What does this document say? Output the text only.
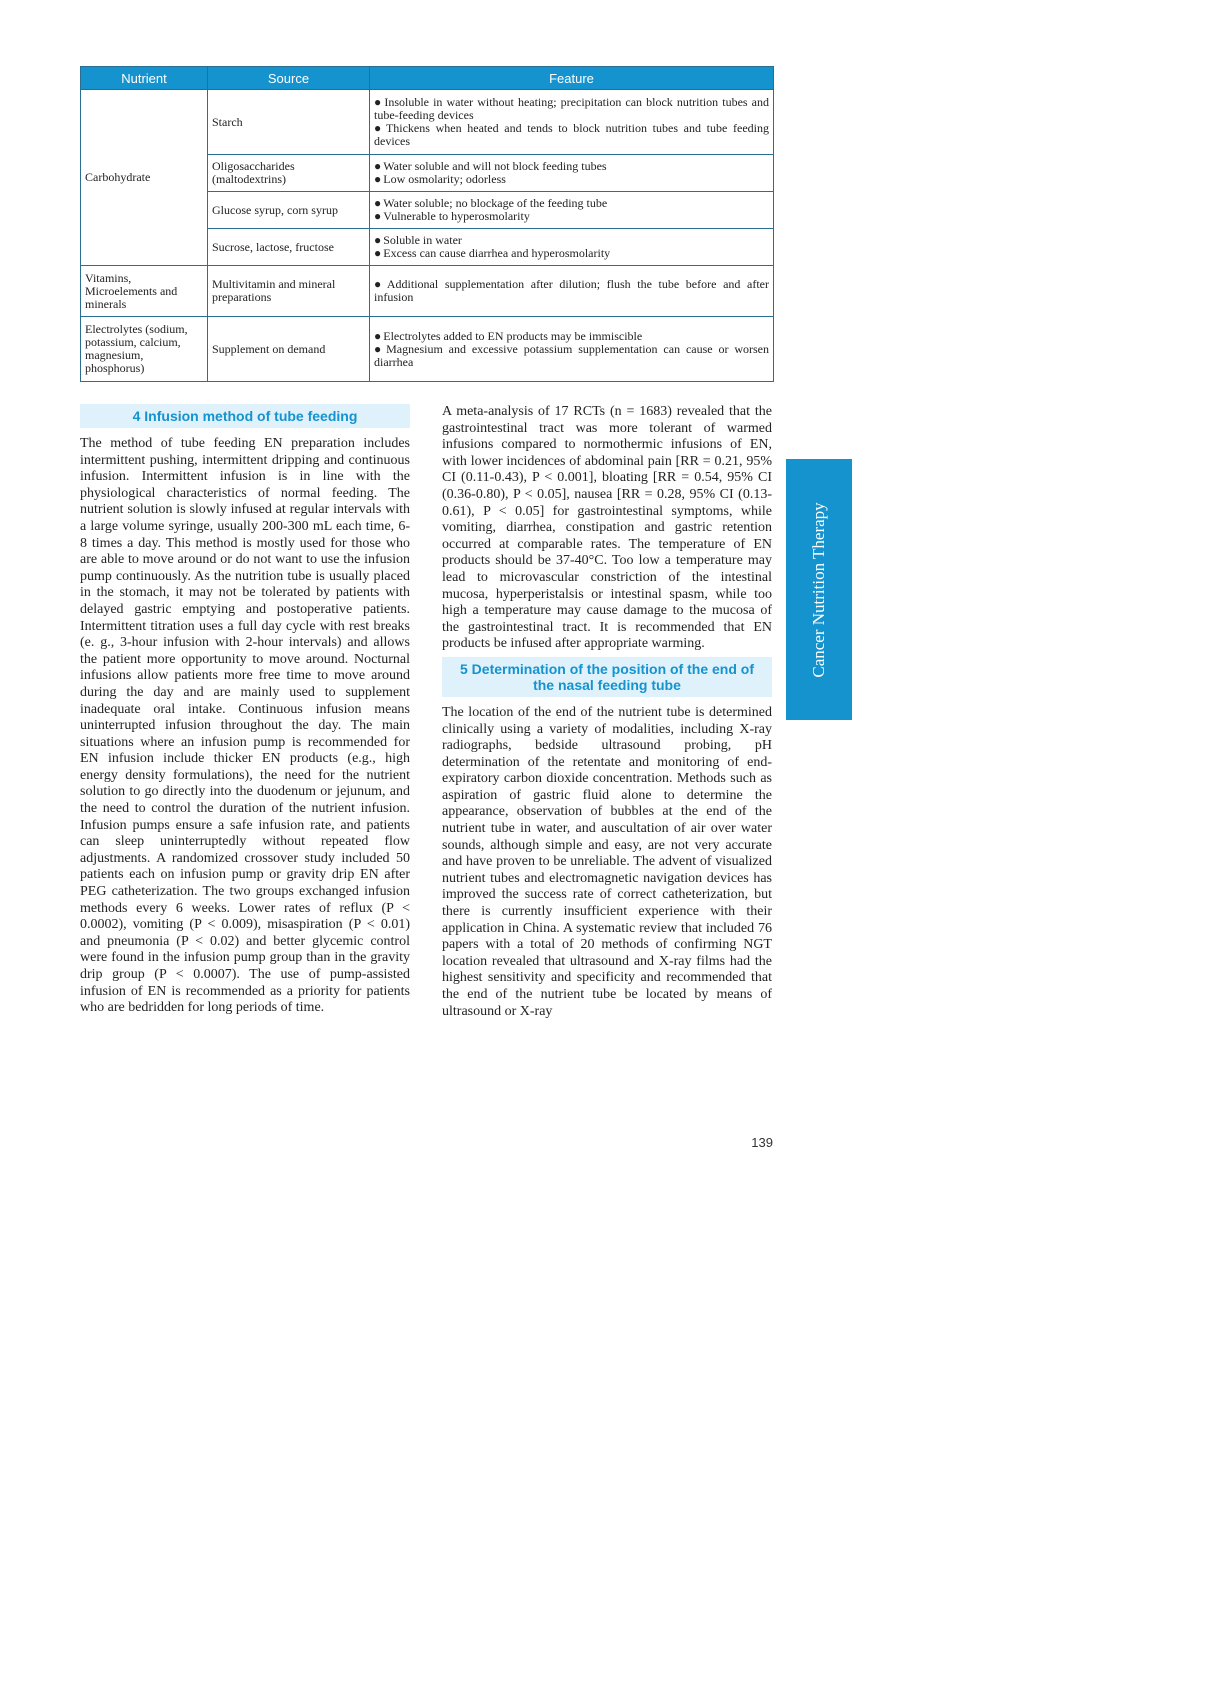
Nutrient	Source	Feature
Carbohydrate	Starch	● Insoluble in water without heating; precipitation can block nutrition tubes and tube-feeding devices
● Thickens when heated and tends to block nutrition tubes and tube feeding devices

	Oligosaccharides (maltodextrins)	● Water soluble and will not block feeding tubes
● Low osmolarity; odorless

	Glucose syrup, corn syrup	● Water soluble; no blockage of the feeding tube
● Vulnerable to hyperosmolarity

	Sucrose, lactose, fructose	● Soluble in water
● Excess can cause diarrhea and hyperosmolarity

Vitamins, Microelements and minerals	Multivitamin and mineral preparations	● Additional supplementation after dilution; flush the tube before and after infusion

Electrolytes (sodium, potassium, calcium, magnesium, phosphorus)	Supplement on demand	● Electrolytes added to EN products may be immiscible
● Magnesium and excessive potassium supplementation can cause or worsen diarrhea
4 Infusion method of tube feeding

The method of tube feeding EN preparation includes intermittent pushing, intermittent dripping and continuous infusion. Intermittent infusion is in line with the physiological characteristics of normal feeding. The nutrient solution is slowly infused at regular intervals with a large volume syringe, usually 200-300 mL each time, 6-8 times a day. This method is mostly used for those who are able to move around or do not want to use the infusion pump continuously. As the nutrition tube is usually placed in the stomach, it may not be tolerated by patients with delayed gastric emptying and postoperative patients. Intermittent titration uses a full day cycle with rest breaks (e. g., 3-hour infusion with 2-hour intervals) and allows the patient more opportunity to move around. Nocturnal infusions allow patients more free time to move around during the day and are mainly used to supplement inadequate oral intake. Continuous infusion means uninterrupted infusion throughout the day. The main situations where an infusion pump is recommended for EN infusion include thicker EN products (e.g., high energy density formulations), the need for the nutrient solution to go directly into the duodenum or jejunum, and the need to control the duration of the nutrient infusion. Infusion pumps ensure a safe infusion rate, and patients can sleep uninterruptedly without repeated flow adjustments. A randomized crossover study included 50 patients each on infusion pump or gravity drip EN after PEG catheterization. The two groups exchanged infusion methods every 6 weeks. Lower rates of reflux (P < 0.0002), vomiting (P < 0.009), misaspiration (P < 0.01) and pneumonia (P < 0.02) and better glycemic control were found in the infusion pump group than in the gravity drip group (P < 0.0007). The use of pump-assisted infusion of EN is recommended as a priority for patients who are bedridden for long periods of time.

A meta-analysis of 17 RCTs (n = 1683) revealed that the gastrointestinal tract was more tolerant of warmed infusions compared to normothermic infusions of EN, with lower incidences of abdominal pain [RR = 0.21, 95% CI (0.11-0.43), P < 0.001], bloating [RR = 0.54, 95% CI (0.36-0.80), P < 0.05], nausea [RR = 0.28, 95% CI (0.13-0.61), P < 0.05] for gastrointestinal symptoms, while vomiting, diarrhea, constipation and gastric retention occurred at comparable rates. The temperature of EN products should be 37-40°C. Too low a temperature may lead to microvascular constriction of the intestinal mucosa, hyperperistalsis or intestinal spasm, while too high a temperature may cause damage to the mucosa of the gastrointestinal tract. It is recommended that EN products be infused after appropriate warming.

5 Determination of the position of the end of the nasal feeding tube

The location of the end of the nutrient tube is determined clinically using a variety of modalities, including X-ray radiographs, bedside ultrasound probing, pH determination of the retentate and monitoring of end-expiratory carbon dioxide concentration. Methods such as aspiration of gastric fluid alone to determine the appearance, observation of bubbles at the end of the nutrient tube in water, and auscultation of air over water sounds, although simple and easy, are not very accurate and have proven to be unreliable. The advent of visualized nutrient tubes and electromagnetic navigation devices has improved the success rate of correct catheterization, but there is currently insufficient experience with their application in China. A systematic review that included 76 papers with a total of 20 methods of confirming NGT location revealed that ultrasound and X-ray films had the highest sensitivity and specificity and recommended that the end of the nutrient tube be located by means of ultrasound or X-ray

Cancer Nutrition Therapy
139
